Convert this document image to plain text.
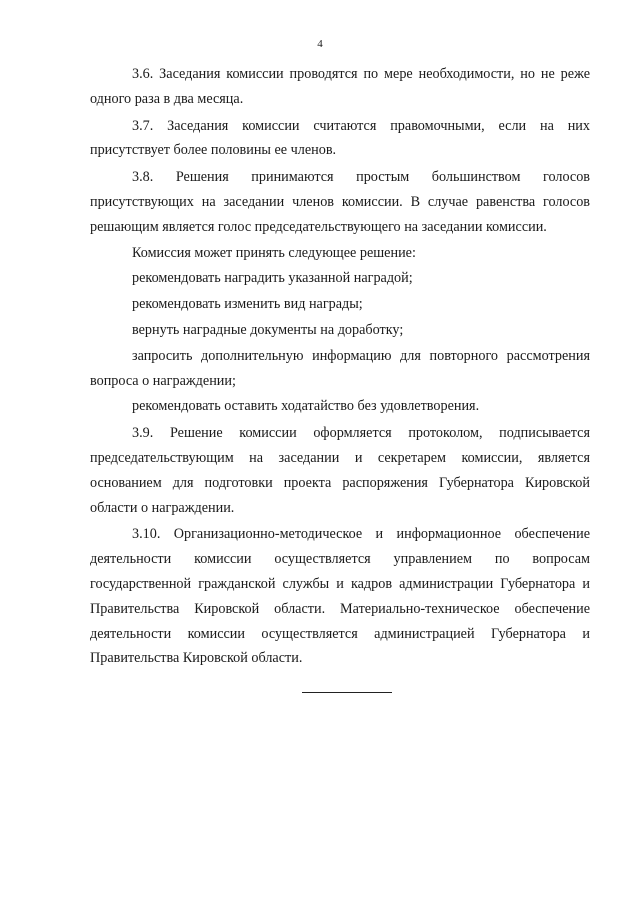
4

3.6. Заседания комиссии проводятся по мере необходимости, но не реже одного раза в два месяца.

3.7. Заседания комиссии считаются правомочными, если на них присутствует более половины ее членов.

3.8. Решения принимаются простым большинством голосов присутствующих на заседании членов комиссии. В случае равенства голосов решающим является голос председательствующего на заседании комиссии.

Комиссия может принять следующее решение:

рекомендовать наградить указанной наградой;

рекомендовать изменить вид награды;

вернуть наградные документы на доработку;

запросить дополнительную информацию для повторного рассмотрения вопроса о награждении;

рекомендовать оставить ходатайство без удовлетворения.

3.9. Решение комиссии оформляется протоколом, подписывается председательствующим на заседании и секретарем комиссии, является основанием для подготовки проекта распоряжения Губернатора Кировской области о награждении.

3.10. Организационно-методическое и информационное обеспечение деятельности комиссии осуществляется управлением по вопросам государственной гражданской службы и кадров администрации Губернатора и Правительства Кировской области. Материально-техническое обеспечение деятельности комиссии осуществляется администрацией Губернатора и Правительства Кировской области.
